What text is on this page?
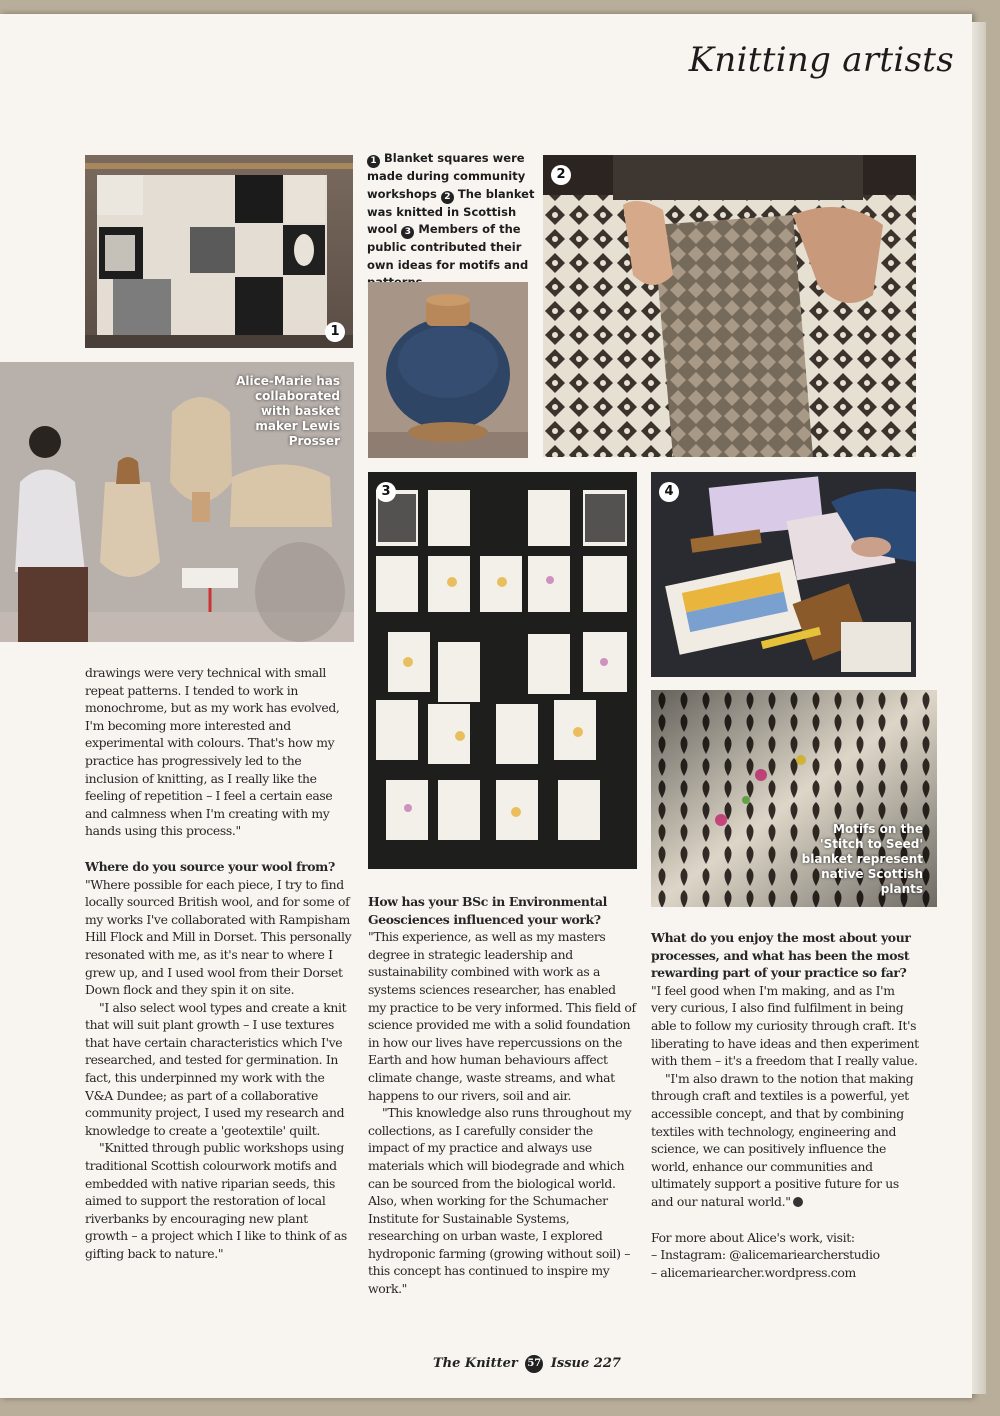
Knitting artists
1

1 Blanket squares were made during community workshops 2 The blanket was knitted in Scottish wool 3 Members of the public contributed their own ideas for motifs and

2
Alice-Marie has collaborated with basket maker Lewis Prosser
3	4
Motifs on the 'Stitch to Seed' blanket represent native Scottish plants

drawings were very technical with small repeat patterns. I tended to work in monochrome, but as my work has evolved, I'm becoming more interested and experimental with colours. That's how my practice has progressively led to the inclusion of knitting, as I really like the feeling of repetition – I feel a certain ease and calmness when I'm creating with my hands using this process."

Where do you source your wool from?

"Where possible for each piece, I try to find locally sourced British wool, and for some of my works I've collaborated with Rampisham Hill Flock and Mill in Dorset. This personally resonated with me, as it's near to where I grew up, and I used wool from their Dorset Down flock and they spin it on site.

"I also select wool types and create a knit that will suit plant growth – I use textures that have certain characteristics which I've researched, and tested for germination. In fact, this underpinned my work with the V&A Dundee; as part of a collaborative community project, I used my research and knowledge to create a 'geotextile' quilt.

"Knitted through public workshops using traditional Scottish colourwork motifs and embedded with native riparian seeds, this aimed to support the restoration of local riverbanks by encouraging new plant growth – a project which I like to think of as gifting back to nature."

How has your BSc in Environmental Geosciences influenced your work?

"This experience, as well as my masters degree in strategic leadership and sustainability combined with work as a systems sciences researcher, has enabled my practice to be very informed. This field of science provided me with a solid foundation in how our lives have repercussions on the Earth and how human behaviours affect climate change, waste streams, and what happens to our rivers, soil and air.

"This knowledge also runs throughout my collections, as I carefully consider the impact of my practice and always use materials which will biodegrade and which can be sourced from the biological world. Also, when working for the Schumacher Institute for Sustainable Systems, researching on urban waste, I explored hydroponic farming (growing without soil) – this concept has continued to inspire my work."

What do you enjoy the most about your processes, and what has been the most rewarding part of your practice so far?

"I feel good when I'm making, and as I'm very curious, I also find fulfilment in being able to follow my curiosity through craft. It's liberating to have ideas and then experiment with them – it's a freedom that I really value.

"I'm also drawn to the notion that making through craft and textiles is a powerful, yet accessible concept, and that by combining textiles with technology, engineering and science, we can positively influence the world, enhance our communities and ultimately support a positive future for us and our natural world."

For more about Alice's work, visit:

– Instagram: @alicemariearcherstudio

– alicemariearcher.wordpress.com

The Knitter 57 Issue 227
